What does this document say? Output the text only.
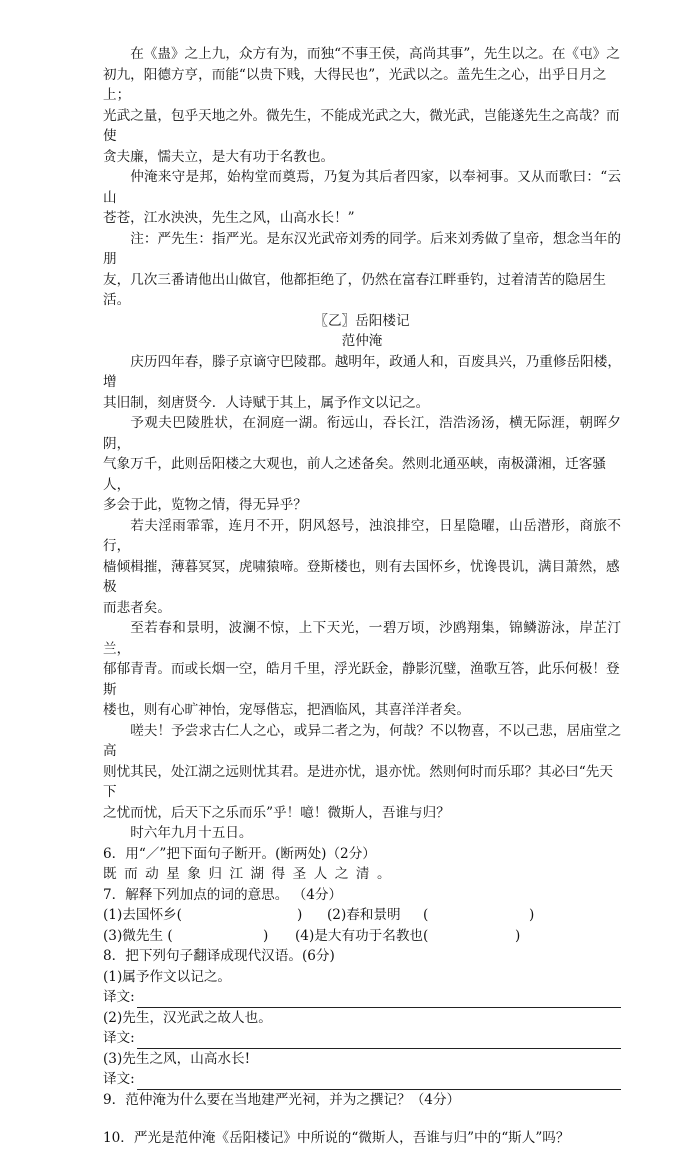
在《蛊》之上九，众方有为，而独“不事王侯，高尚其事”，先生以之。在《屯》之

初九，阳德方亨，而能“以贵下贱，大得民也”，光武以之。盖先生之心，出乎日月之上；

光武之量，包乎天地之外。微先生，不能成光武之大，微光武，岂能遂先生之高哉？而使

贪夫廉，懦夫立，是大有功于名教也。

仲淹来守是邦，始构堂而奠焉，乃复为其后者四家，以奉祠事。又从而歌曰：“云山

苍苍，江水泱泱，先生之风，山高水长！”

注：严先生：指严光。是东汉光武帝刘秀的同学。后来刘秀做了皇帝，想念当年的朋

友，几次三番请他出山做官，他都拒绝了，仍然在富春江畔垂钓，过着清苦的隐居生活。

〖乙〗岳阳楼记

范仲淹

庆历四年春，滕子京谪守巴陵郡。越明年，政通人和，百废具兴，乃重修岳阳楼，增

其旧制，刻唐贤今．人诗赋于其上，属予作文以记之。

予观夫巴陵胜状，在洞庭一湖。衔远山，吞长江，浩浩汤汤，横无际涯，朝晖夕阴，

气象万千，此则岳阳楼之大观也，前人之述备矣。然则北通巫峡，南极潇湘，迁客骚人，

多会于此，览物之情，得无异乎？

若夫淫雨霏霏，连月不开，阴风怒号，浊浪排空，日星隐曜，山岳潜形，商旅不行，

樯倾楫摧，薄暮冥冥，虎啸猿啼。登斯楼也，则有去国怀乡，忧谗畏讥，满目萧然，感极

而悲者矣。

至若春和景明，波澜不惊，上下天光，一碧万顷，沙鸥翔集，锦鳞游泳，岸芷汀兰，

郁郁青青。而或长烟一空，皓月千里，浮光跃金，静影沉璧，渔歌互答，此乐何极！登斯

楼也，则有心旷神怡，宠辱偕忘，把酒临风，其喜洋洋者矣。

嗟夫！予尝求古仁人之心，或异二者之为，何哉？不以物喜，不以己悲，居庙堂之高

则忧其民，处江湖之远则忧其君。是进亦忧，退亦忧。然则何时而乐耶？其必曰“先天下

之忧而忧，后天下之乐而乐”乎！噫！微斯人，吾谁与归？

时六年九月十五日。

6．用“／”把下面句子断开。(断两处)（2分）

既而动星象归江湖得圣人之清。

7．解释下列加点的词的意思。 （4分）

(1)去国怀乡(	)	(2)春和景明	(	)
(3)微先生 (	)	(4)是大有功于名教也(	)

8．把下列句子翻译成现代汉语。(6分)

(1)属予作文以记之。

译文:

(2)先生，汉光武之故人也。

译文:

(3)先生之风，山高水长!

译文:

9．范仲淹为什么要在当地建严光祠，并为之撰记？（4分）

10．严光是范仲淹《岳阳楼记》中所说的“微斯人，吾谁与归”中的“斯人”吗？
